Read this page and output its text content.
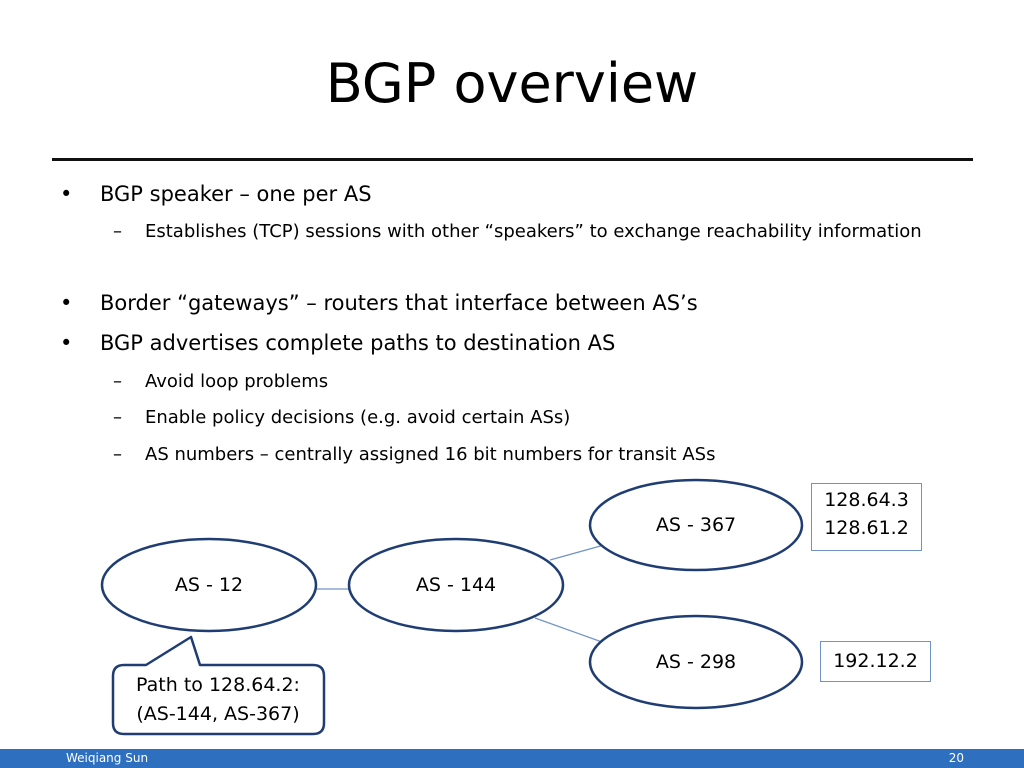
BGP overview
• BGP speaker – one per AS
– Establishes (TCP) sessions with other “speakers” to exchange reachability information
• Border “gateways” – routers that interface between AS’s
• BGP advertises complete paths to destination AS
– Avoid loop problems
– Enable policy decisions (e.g. avoid certain ASs)
– AS numbers – centrally assigned 16 bit numbers for transit ASs
AS - 12	AS - 144
AS - 367
AS - 298
128.64.3
128.61.2
192.12.2
Path to 128.64.2:
(AS-144, AS-367)
Weiqiang Sun	20
